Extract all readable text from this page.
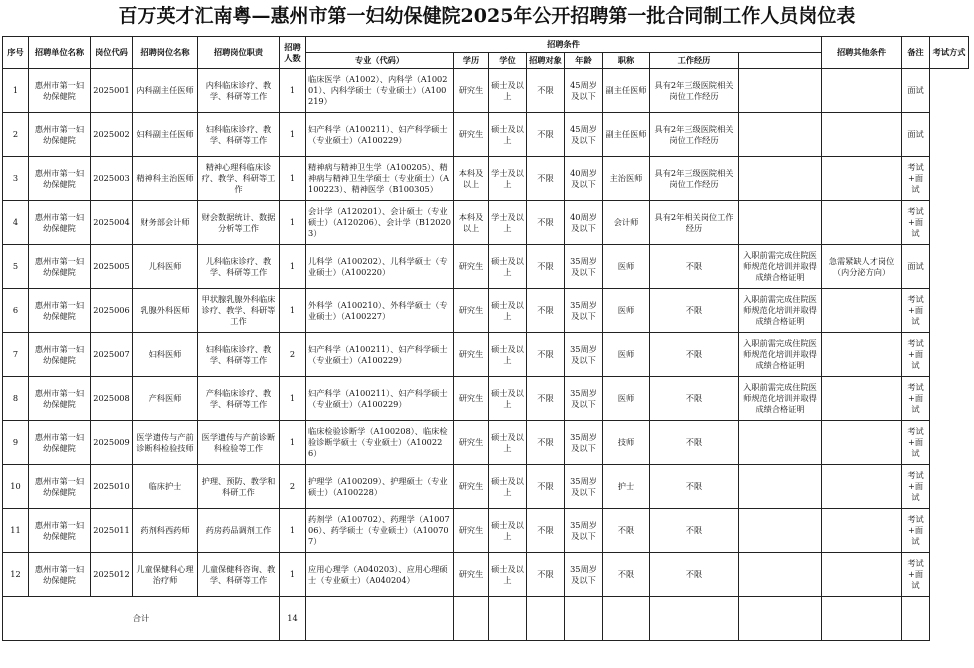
百万英才汇南粤—惠州市第一妇幼保健院2025年公开招聘第一批合同制工作人员岗位表
序号	招聘单位名称	岗位代码	招聘岗位名称	招聘岗位职责	招聘人数	招聘条件								招聘其他条件	备注	考试方式
						专业（代码）	学历	学位	招聘对象	年龄	职称	工作经历				
1	惠州市第一妇幼保健院	2025001	内科副主任医师	内科临床诊疗、教学、科研等工作	1	临床医学（A1002）、内科学（A100201）、内科学硕士（专业硕士）（A100219）	研究生	硕士及以上	不限	45周岁及以下	副主任医师	具有2年三级医院相关岗位工作经历			面试	
2	惠州市第一妇幼保健院	2025002	妇科副主任医师	妇科临床诊疗、教学、科研等工作	1	妇产科学（A100211）、妇产科学硕士（专业硕士）（A100229）	研究生	硕士及以上	不限	45周岁及以下	副主任医师	具有2年三级医院相关岗位工作经历			面试	
3	惠州市第一妇幼保健院	2025003	精神科主治医师	精神心理科临床诊疗、教学、科研等工作	1	精神病与精神卫生学（A100205）、精神病与精神卫生学硕士（专业硕士）（A100223）、精神医学（B100305）	本科及以上	学士及以上	不限	40周岁及以下	主治医师	具有2年三级医院相关岗位工作经历			考试+面试	
4	惠州市第一妇幼保健院	2025004	财务部会计师	财会数据统计、数据分析等工作	1	会计学（A120201）、会计硕士（专业硕士）（A120206）、会计学（B120203）	本科及以上	学士及以上	不限	40周岁及以下	会计师	具有2年相关岗位工作经历			考试+面试	
5	惠州市第一妇幼保健院	2025005	儿科医师	儿科临床诊疗、教学、科研等工作	1	儿科学（A100202）、儿科学硕士（专业硕士）（A100220）	研究生	硕士及以上	不限	35周岁及以下	医师	不限	入职前需完成住院医师规范化培训并取得成绩合格证明	急需紧缺人才岗位（内分泌方向）	面试	
6	惠州市第一妇幼保健院	2025006	乳腺外科医师	甲状腺乳腺外科临床诊疗、教学、科研等工作	1	外科学（A100210）、外科学硕士（专业硕士）（A100227）	研究生	硕士及以上	不限	35周岁及以下	医师	不限	入职前需完成住院医师规范化培训并取得成绩合格证明		考试+面试	
7	惠州市第一妇幼保健院	2025007	妇科医师	妇科临床诊疗、教学、科研等工作	2	妇产科学（A100211）、妇产科学硕士（专业硕士）（A100229）	研究生	硕士及以上	不限	35周岁及以下	医师	不限	入职前需完成住院医师规范化培训并取得成绩合格证明		考试+面试	
8	惠州市第一妇幼保健院	2025008	产科医师	产科临床诊疗、教学、科研等工作	1	妇产科学（A100211）、妇产科学硕士（专业硕士）（A100229）	研究生	硕士及以上	不限	35周岁及以下	医师	不限	入职前需完成住院医师规范化培训并取得成绩合格证明		考试+面试	
9	惠州市第一妇幼保健院	2025009	医学遗传与产前诊断科检验技师	医学遗传与产前诊断科检验等工作	1	临床检验诊断学（A100208）、临床检验诊断学硕士（专业硕士）（A100226）	研究生	硕士及以上	不限	35周岁及以下	技师	不限			考试+面试	
10	惠州市第一妇幼保健院	2025010	临床护士	护理、预防、教学和科研工作	2	护理学（A100209）、护理硕士（专业硕士）（A100228）	研究生	硕士及以上	不限	35周岁及以下	护士	不限			考试+面试	
11	惠州市第一妇幼保健院	2025011	药剂科西药师	药房药品调剂工作	1	药剂学（A100702）、药理学（A100706）、药学硕士（专业硕士）（A100707）	研究生	硕士及以上	不限	35周岁及以下	不限	不限			考试+面试	
12	惠州市第一妇幼保健院	2025012	儿童保健科心理治疗师	儿童保健科咨询、教学、科研等工作	1	应用心理学（A040203）、应用心理硕士（专业硕士）（A040204）	研究生	硕士及以上	不限	35周岁及以下	不限	不限			考试+面试	
合计					14											
